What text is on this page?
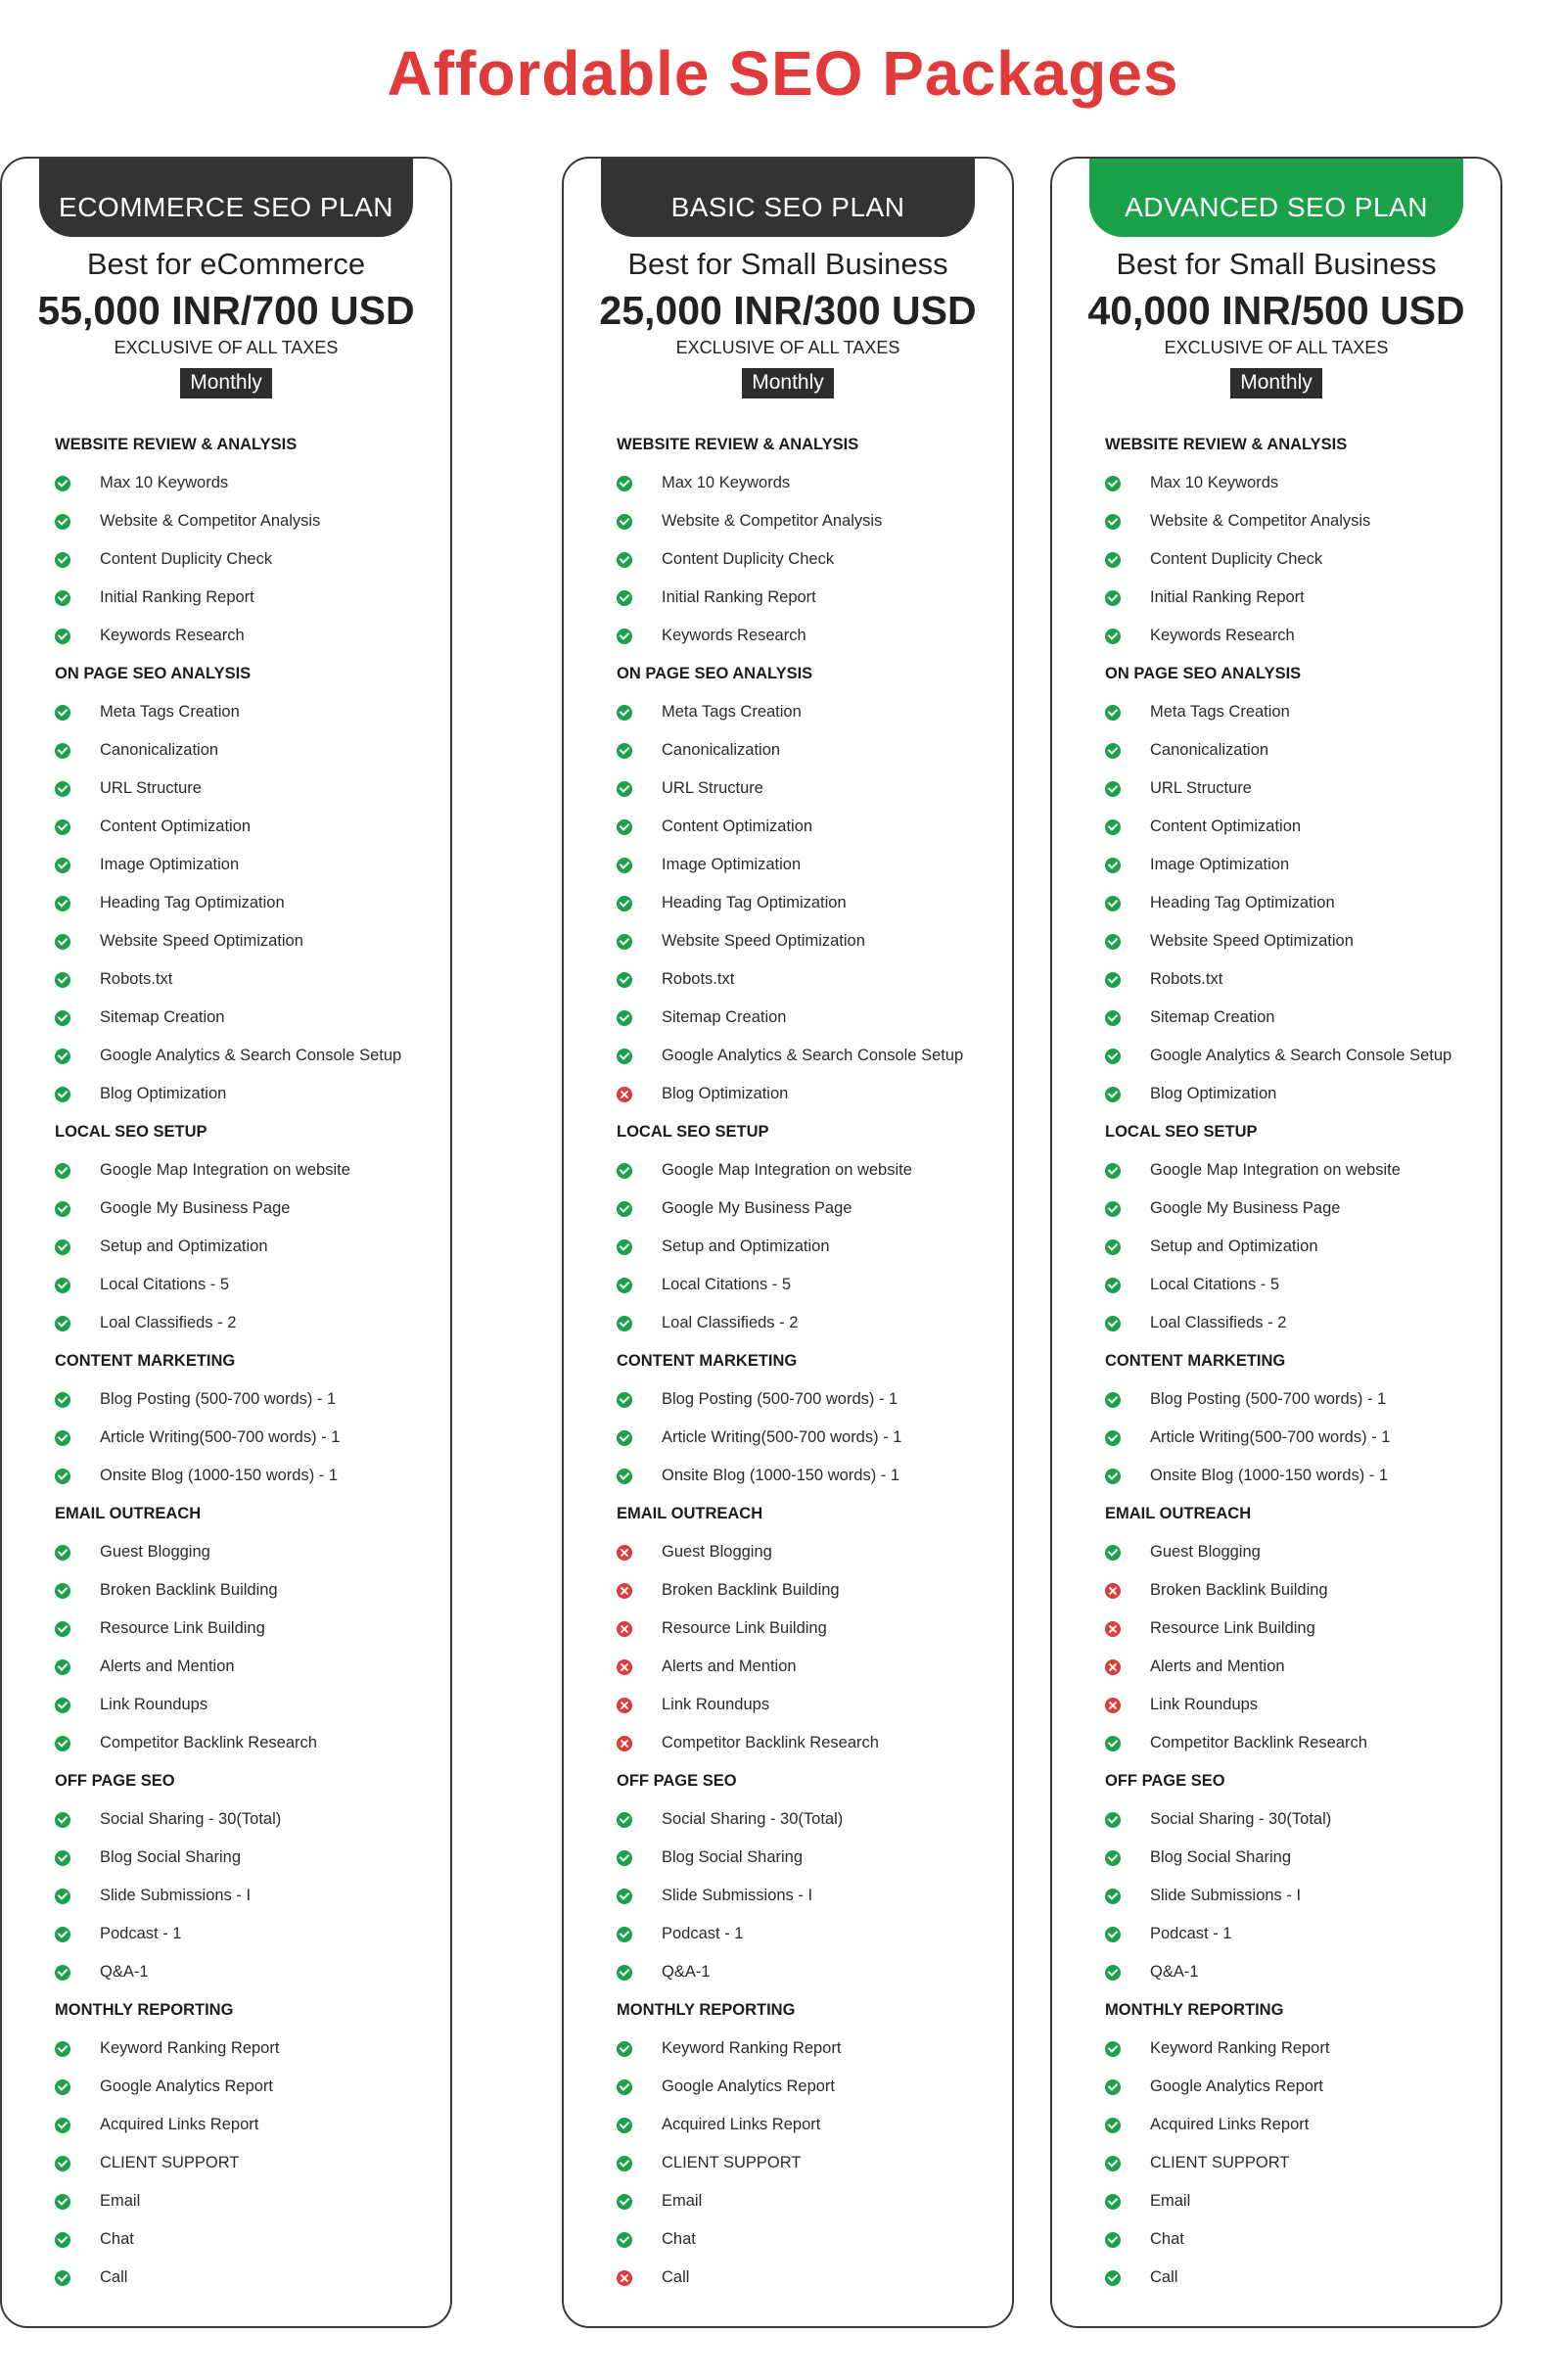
Affordable SEO Packages
BASIC SEO PLAN
Best for Small Business
25,000 INR/300 USD
EXCLUSIVE OF ALL TAXES
Monthly
WEBSITE REVIEW & ANALYSIS
Max 10 Keywords
Website & Competitor Analysis
Content Duplicity Check
Initial Ranking Report
Keywords Research
ON PAGE SEO ANALYSIS
Meta Tags Creation
Canonicalization
URL Structure
Content Optimization
Image Optimization
Heading Tag Optimization
Website Speed Optimization
Robots.txt
Sitemap Creation
Google Analytics & Search Console Setup
Blog Optimization
LOCAL SEO SETUP
Google Map Integration on website
Google My Business Page
Setup and Optimization
Local Citations - 5
Loal Classifieds - 2
CONTENT MARKETING
Blog Posting (500-700 words) - 1
Article Writing(500-700 words) - 1
Onsite Blog (1000-150 words) - 1
EMAIL OUTREACH
Guest Blogging
Broken Backlink Building
Resource Link Building
Alerts and Mention
Link Roundups
Competitor Backlink Research
OFF PAGE SEO
Social Sharing - 30(Total)
Blog Social Sharing
Slide Submissions - I
Podcast - 1
Q&A-1
MONTHLY REPORTING
Keyword Ranking Report
Google Analytics Report
Acquired Links Report
CLIENT SUPPORT
Email
Chat
Call
ADVANCED SEO PLAN
Best for Small Business
40,000 INR/500 USD
EXCLUSIVE OF ALL TAXES
Monthly
WEBSITE REVIEW & ANALYSIS
Max 10 Keywords
Website & Competitor Analysis
Content Duplicity Check
Initial Ranking Report
Keywords Research
ON PAGE SEO ANALYSIS
Meta Tags Creation
Canonicalization
URL Structure
Content Optimization
Image Optimization
Heading Tag Optimization
Website Speed Optimization
Robots.txt
Sitemap Creation
Google Analytics & Search Console Setup
Blog Optimization
LOCAL SEO SETUP
Google Map Integration on website
Google My Business Page
Setup and Optimization
Local Citations - 5
Loal Classifieds - 2
CONTENT MARKETING
Blog Posting (500-700 words) - 1
Article Writing(500-700 words) - 1
Onsite Blog (1000-150 words) - 1
EMAIL OUTREACH
Guest Blogging
Broken Backlink Building
Resource Link Building
Alerts and Mention
Link Roundups
Competitor Backlink Research
OFF PAGE SEO
Social Sharing - 30(Total)
Blog Social Sharing
Slide Submissions - I
Podcast - 1
Q&A-1
MONTHLY REPORTING
Keyword Ranking Report
Google Analytics Report
Acquired Links Report
CLIENT SUPPORT
Email
Chat
Call
ECOMMERCE SEO PLAN
Best for eCommerce
55,000 INR/700 USD
EXCLUSIVE OF ALL TAXES
Monthly
WEBSITE REVIEW & ANALYSIS
Max 10 Keywords
Website & Competitor Analysis
Content Duplicity Check
Initial Ranking Report
Keywords Research
ON PAGE SEO ANALYSIS
Meta Tags Creation
Canonicalization
URL Structure
Content Optimization
Image Optimization
Heading Tag Optimization
Website Speed Optimization
Robots.txt
Sitemap Creation
Google Analytics & Search Console Setup
Blog Optimization
LOCAL SEO SETUP
Google Map Integration on website
Google My Business Page
Setup and Optimization
Local Citations - 5
Loal Classifieds - 2
CONTENT MARKETING
Blog Posting (500-700 words) - 1
Article Writing(500-700 words) - 1
Onsite Blog (1000-150 words) - 1
EMAIL OUTREACH
Guest Blogging
Broken Backlink Building
Resource Link Building
Alerts and Mention
Link Roundups
Competitor Backlink Research
OFF PAGE SEO
Social Sharing - 30(Total)
Blog Social Sharing
Slide Submissions - I
Podcast - 1
Q&A-1
MONTHLY REPORTING
Keyword Ranking Report
Google Analytics Report
Acquired Links Report
CLIENT SUPPORT
Email
Chat
Call
